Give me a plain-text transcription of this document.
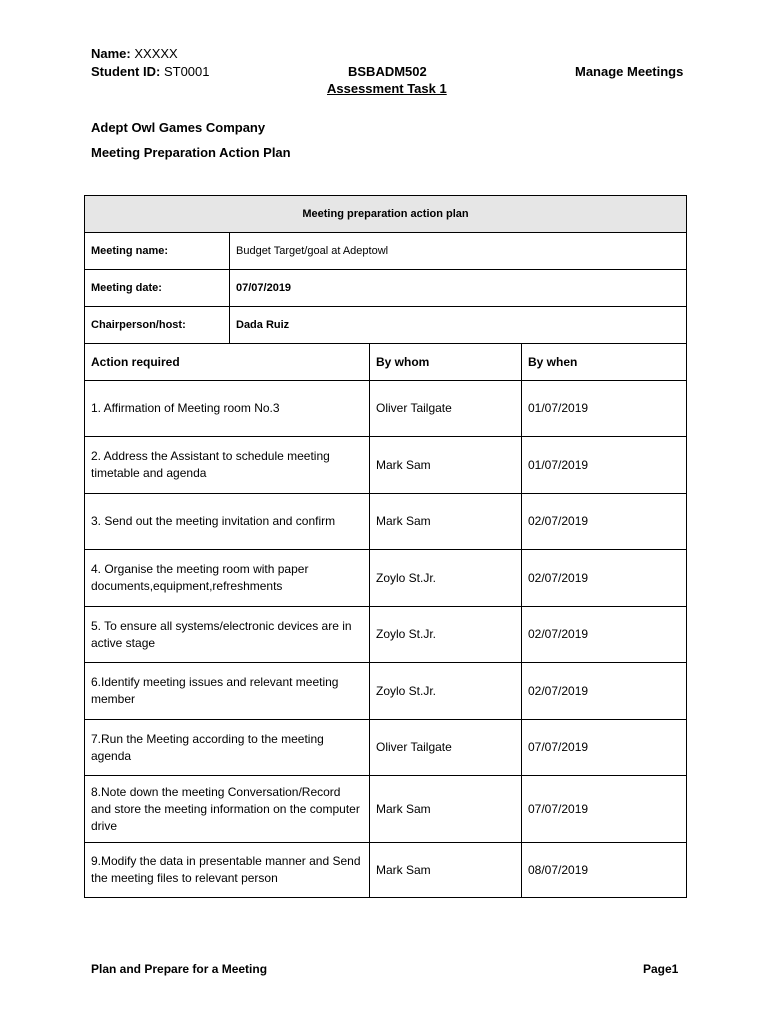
Name: XXXXX
Student ID: ST0001	BSBADM502
Assessment Task 1
Manage Meetings
Adept Owl Games Company
Meeting Preparation Action Plan
Meeting preparation action plan			
Meeting name:	Budget Target/goal at Adeptowl		
Meeting date:	07/07/2019		
Chairperson/host:	Dada Ruiz		
Action required		By whom	By when
1. Affirmation of Meeting room No.3		Oliver Tailgate	01/07/2019
2. Address the Assistant to schedule meeting timetable and agenda		Mark Sam	01/07/2019
3. Send out the meeting invitation and confirm		Mark Sam	02/07/2019
4. Organise the meeting room with paper documents,equipment,refreshments		Zoylo St.Jr.	02/07/2019
5. To ensure all systems/electronic devices are in active stage		Zoylo St.Jr.	02/07/2019
6.Identify meeting issues and relevant meeting member		Zoylo St.Jr.	02/07/2019
7.Run the Meeting according to the meeting agenda		Oliver Tailgate	07/07/2019
8.Note down the meeting Conversation/Record and store the meeting information on the computer drive		Mark Sam	07/07/2019
9.Modify the data in presentable manner and Send the meeting files to relevant person		Mark Sam	08/07/2019
Plan and Prepare for a Meeting	Page1
